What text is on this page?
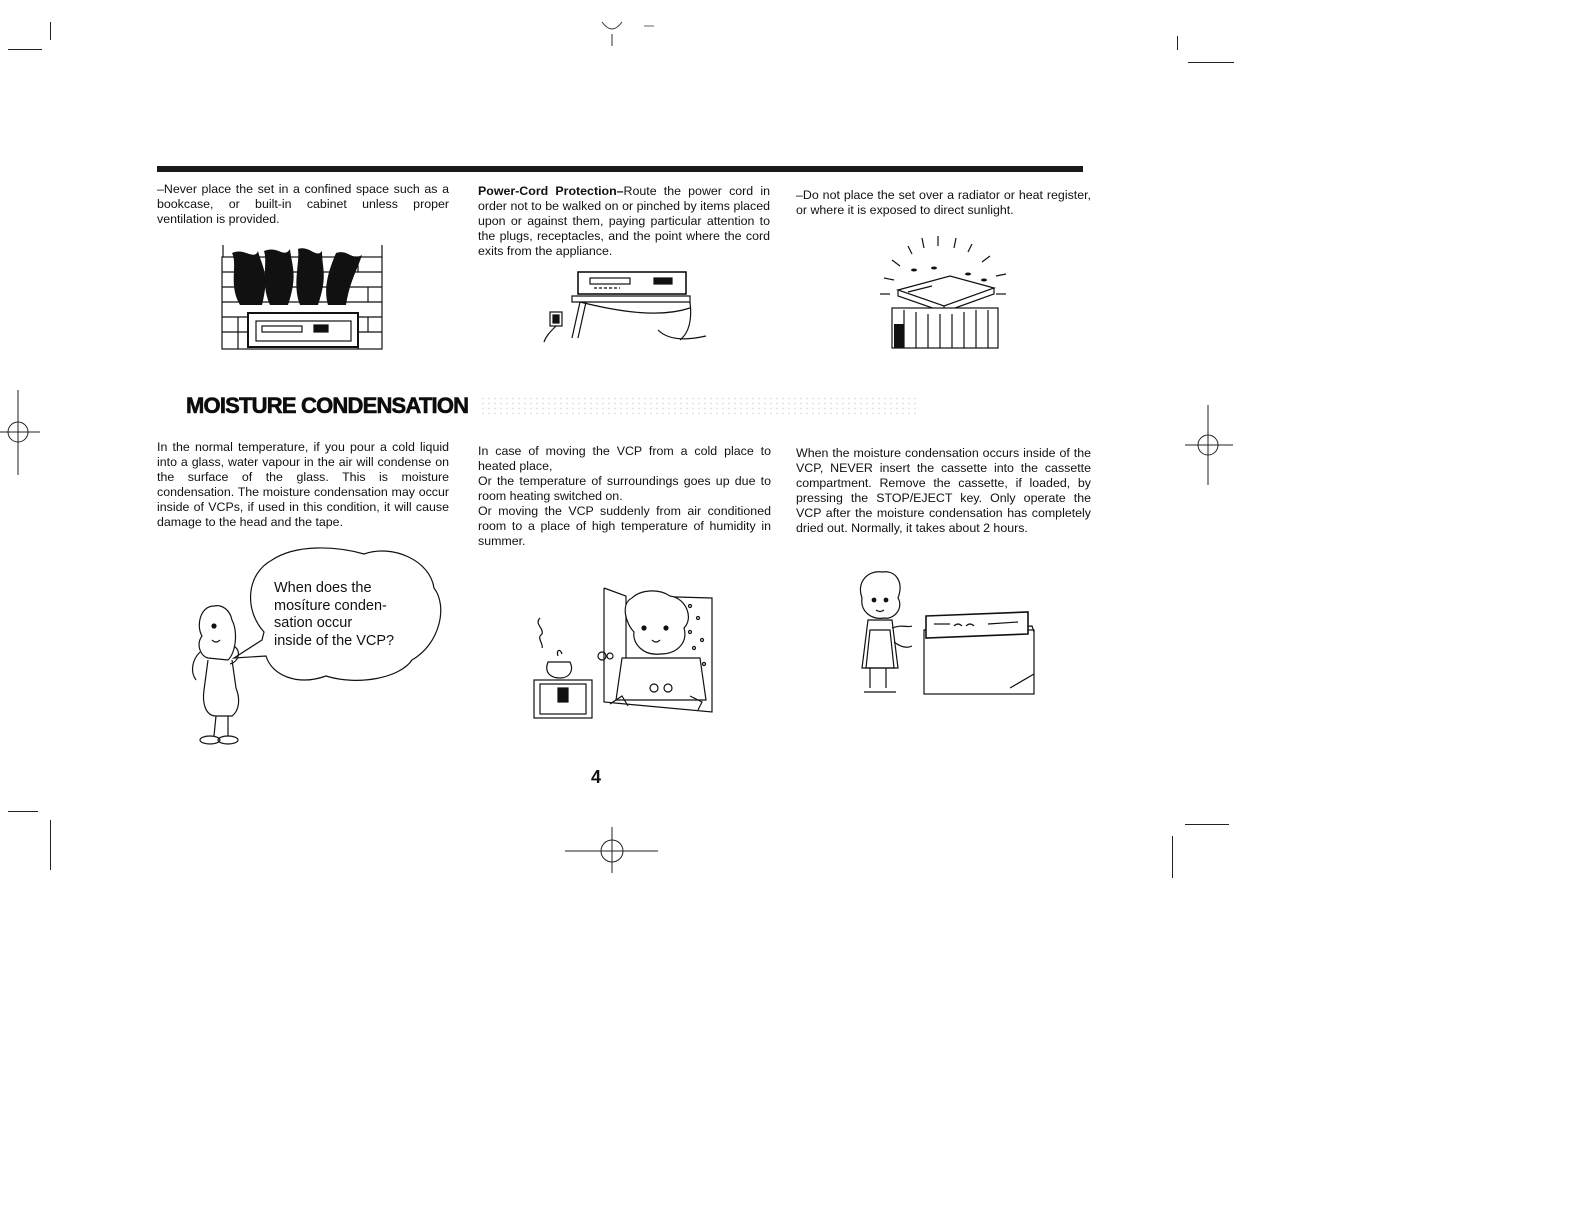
–Never place the set in a confined space such as a bookcase, or built-in cabinet unless proper ventilation is provided.

Power-Cord Protection–Route the power cord in order not to be walked on or pinched by items placed upon or against them, paying particular attention to the plugs, receptacles, and the point where the cord exits from the appliance.

–Do not place the set over a radiator or heat register, or where it is exposed to direct sunlight.

MOISTURE CONDENSATION

In the normal temperature, if you pour a cold liquid into a glass, water vapour in the air will condense on the surface of the glass. This is moisture condensation. The moisture condensation may occur inside of VCPs, if used in this condition, it will cause damage to the head and the tape.

In case of moving the VCP from a cold place to heated place,
Or the temperature of surroundings goes up due to room heating switched on.
Or moving the VCP suddenly from air conditioned room to a place of high temperature of humidity in summer.

When the moisture condensation occurs inside of the VCP, NEVER insert the cassette into the cassette compartment. Remove the cassette, if loaded, by pressing the STOP/EJECT key. Only operate the VCP after the moisture condensation has completely dried out. Normally, it takes about 2 hours.

When does the
mosíture conden-
sation occur
inside of the VCP?
4
